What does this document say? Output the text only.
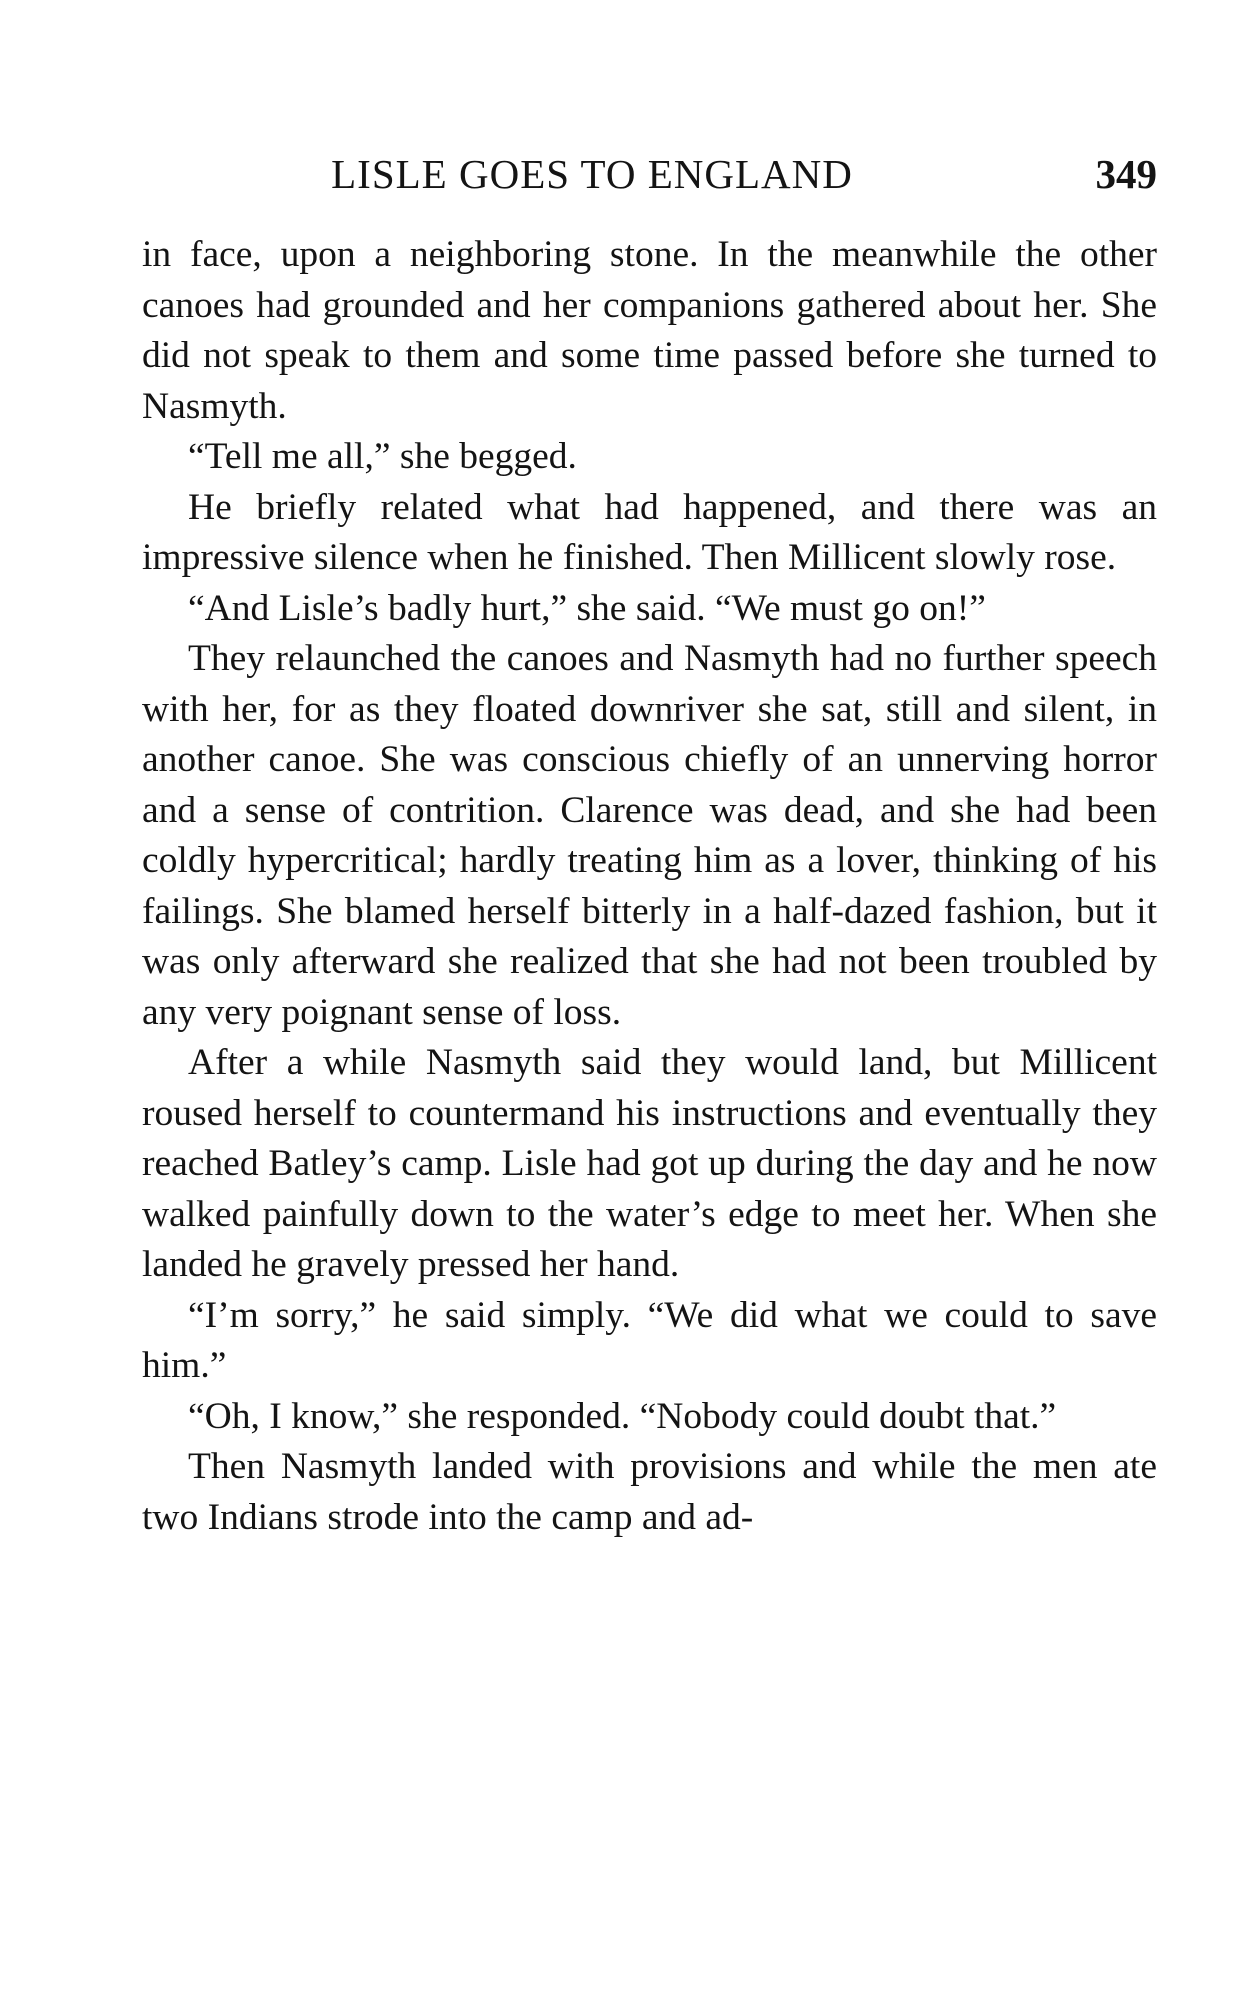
LISLE GOES TO ENGLAND	349

in face, upon a neighboring stone. In the meanwhile the other canoes had grounded and her companions gathered about her. She did not speak to them and some time passed before she turned to Nasmyth.

“Tell me all,” she begged.

He briefly related what had happened, and there was an impressive silence when he finished. Then Millicent slowly rose.

“And Lisle’s badly hurt,” she said. “We must go on!”

They relaunched the canoes and Nasmyth had no further speech with her, for as they floated downriver she sat, still and silent, in another canoe. She was conscious chiefly of an unnerving horror and a sense of contrition. Clarence was dead, and she had been coldly hypercritical; hardly treating him as a lover, thinking of his failings. She blamed herself bitterly in a half-dazed fashion, but it was only afterward she realized that she had not been troubled by any very poignant sense of loss.

After a while Nasmyth said they would land, but Millicent roused herself to countermand his instructions and eventually they reached Batley’s camp. Lisle had got up during the day and he now walked painfully down to the water’s edge to meet her. When she landed he gravely pressed her hand.

“I’m sorry,” he said simply. “We did what we could to save him.”

“Oh, I know,” she responded. “Nobody could doubt that.”

Then Nasmyth landed with provisions and while the men ate two Indians strode into the camp and ad-
